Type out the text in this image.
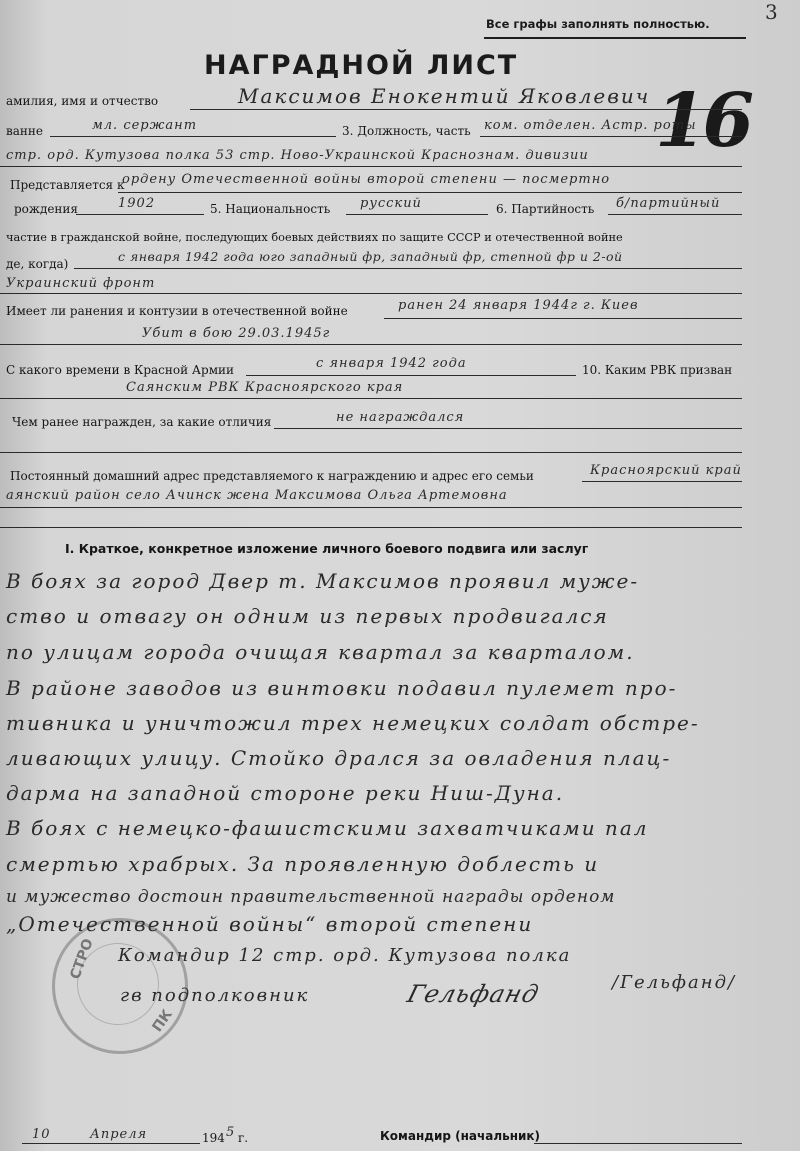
Все графы заполнять полностью.	3
НАГРАДНОЙ ЛИСТ
16
амилия, имя и отчество	Максимов Енокентий Яковлевич
ванне	мл. сержант	3. Должность, часть ком. отделен. Астр. роты
стр. орд. Кутузова полка 53 стр. Ново-Украинской Краснознам. дивизии
Представляется к
ордену Отечественной войны второй степени — посмертно
рождения	1902	5. Национальность русский	6. Партийность б/партийный
частие в гражданской войне, последующих боевых действиях по защите СССР и отечественной войне
де, когда)	с января 1942 года юго западный фр, западный фр, степной фр и 2-ой
Украинский фронт
Имеет ли ранения и контузии в отечественной войне	ранен 24 января 1944г г. Киев
Убит в бою 29.03.1945г
С какого времени в Красной Армии	с января 1942 года	10. Каким РВК призван
Саянским РВК Красноярского края
Чем ранее награжден, за какие отличия	не награждался
Постоянный домашний адрес представляемого к награждению и адрес его семьи	Красноярский край
аянский район село Ачинск жена Максимова Ольга Артемовна
I. Краткое, конкретное изложение личного боевого подвига или заслуг
В боях за город Двер т. Максимов проявил муже-
ство и отвагу он одним из первых продвигался
по улицам города очищая квартал за кварталом.
В районе заводов из винтовки подавил пулемет про-
тивника и уничтожил трех немецких солдат обстре-
ливающих улицу. Стойко дрался за овладения плац-
дарма на западной стороне реки Ниш-Дуна.
В боях с немецко-фашистскими захватчиками пал
смертью храбрых. За проявленную доблесть и
и мужество достоин правительственной награды орденом
„Отечественной войны“ второй степени
СТРО
ПК
Командир 12 стр. орд. Кутузова полка
гв подполковник	Гельфанд	/Гельфанд/
10	Апреля	194 5 г.	Командир (начальник)
